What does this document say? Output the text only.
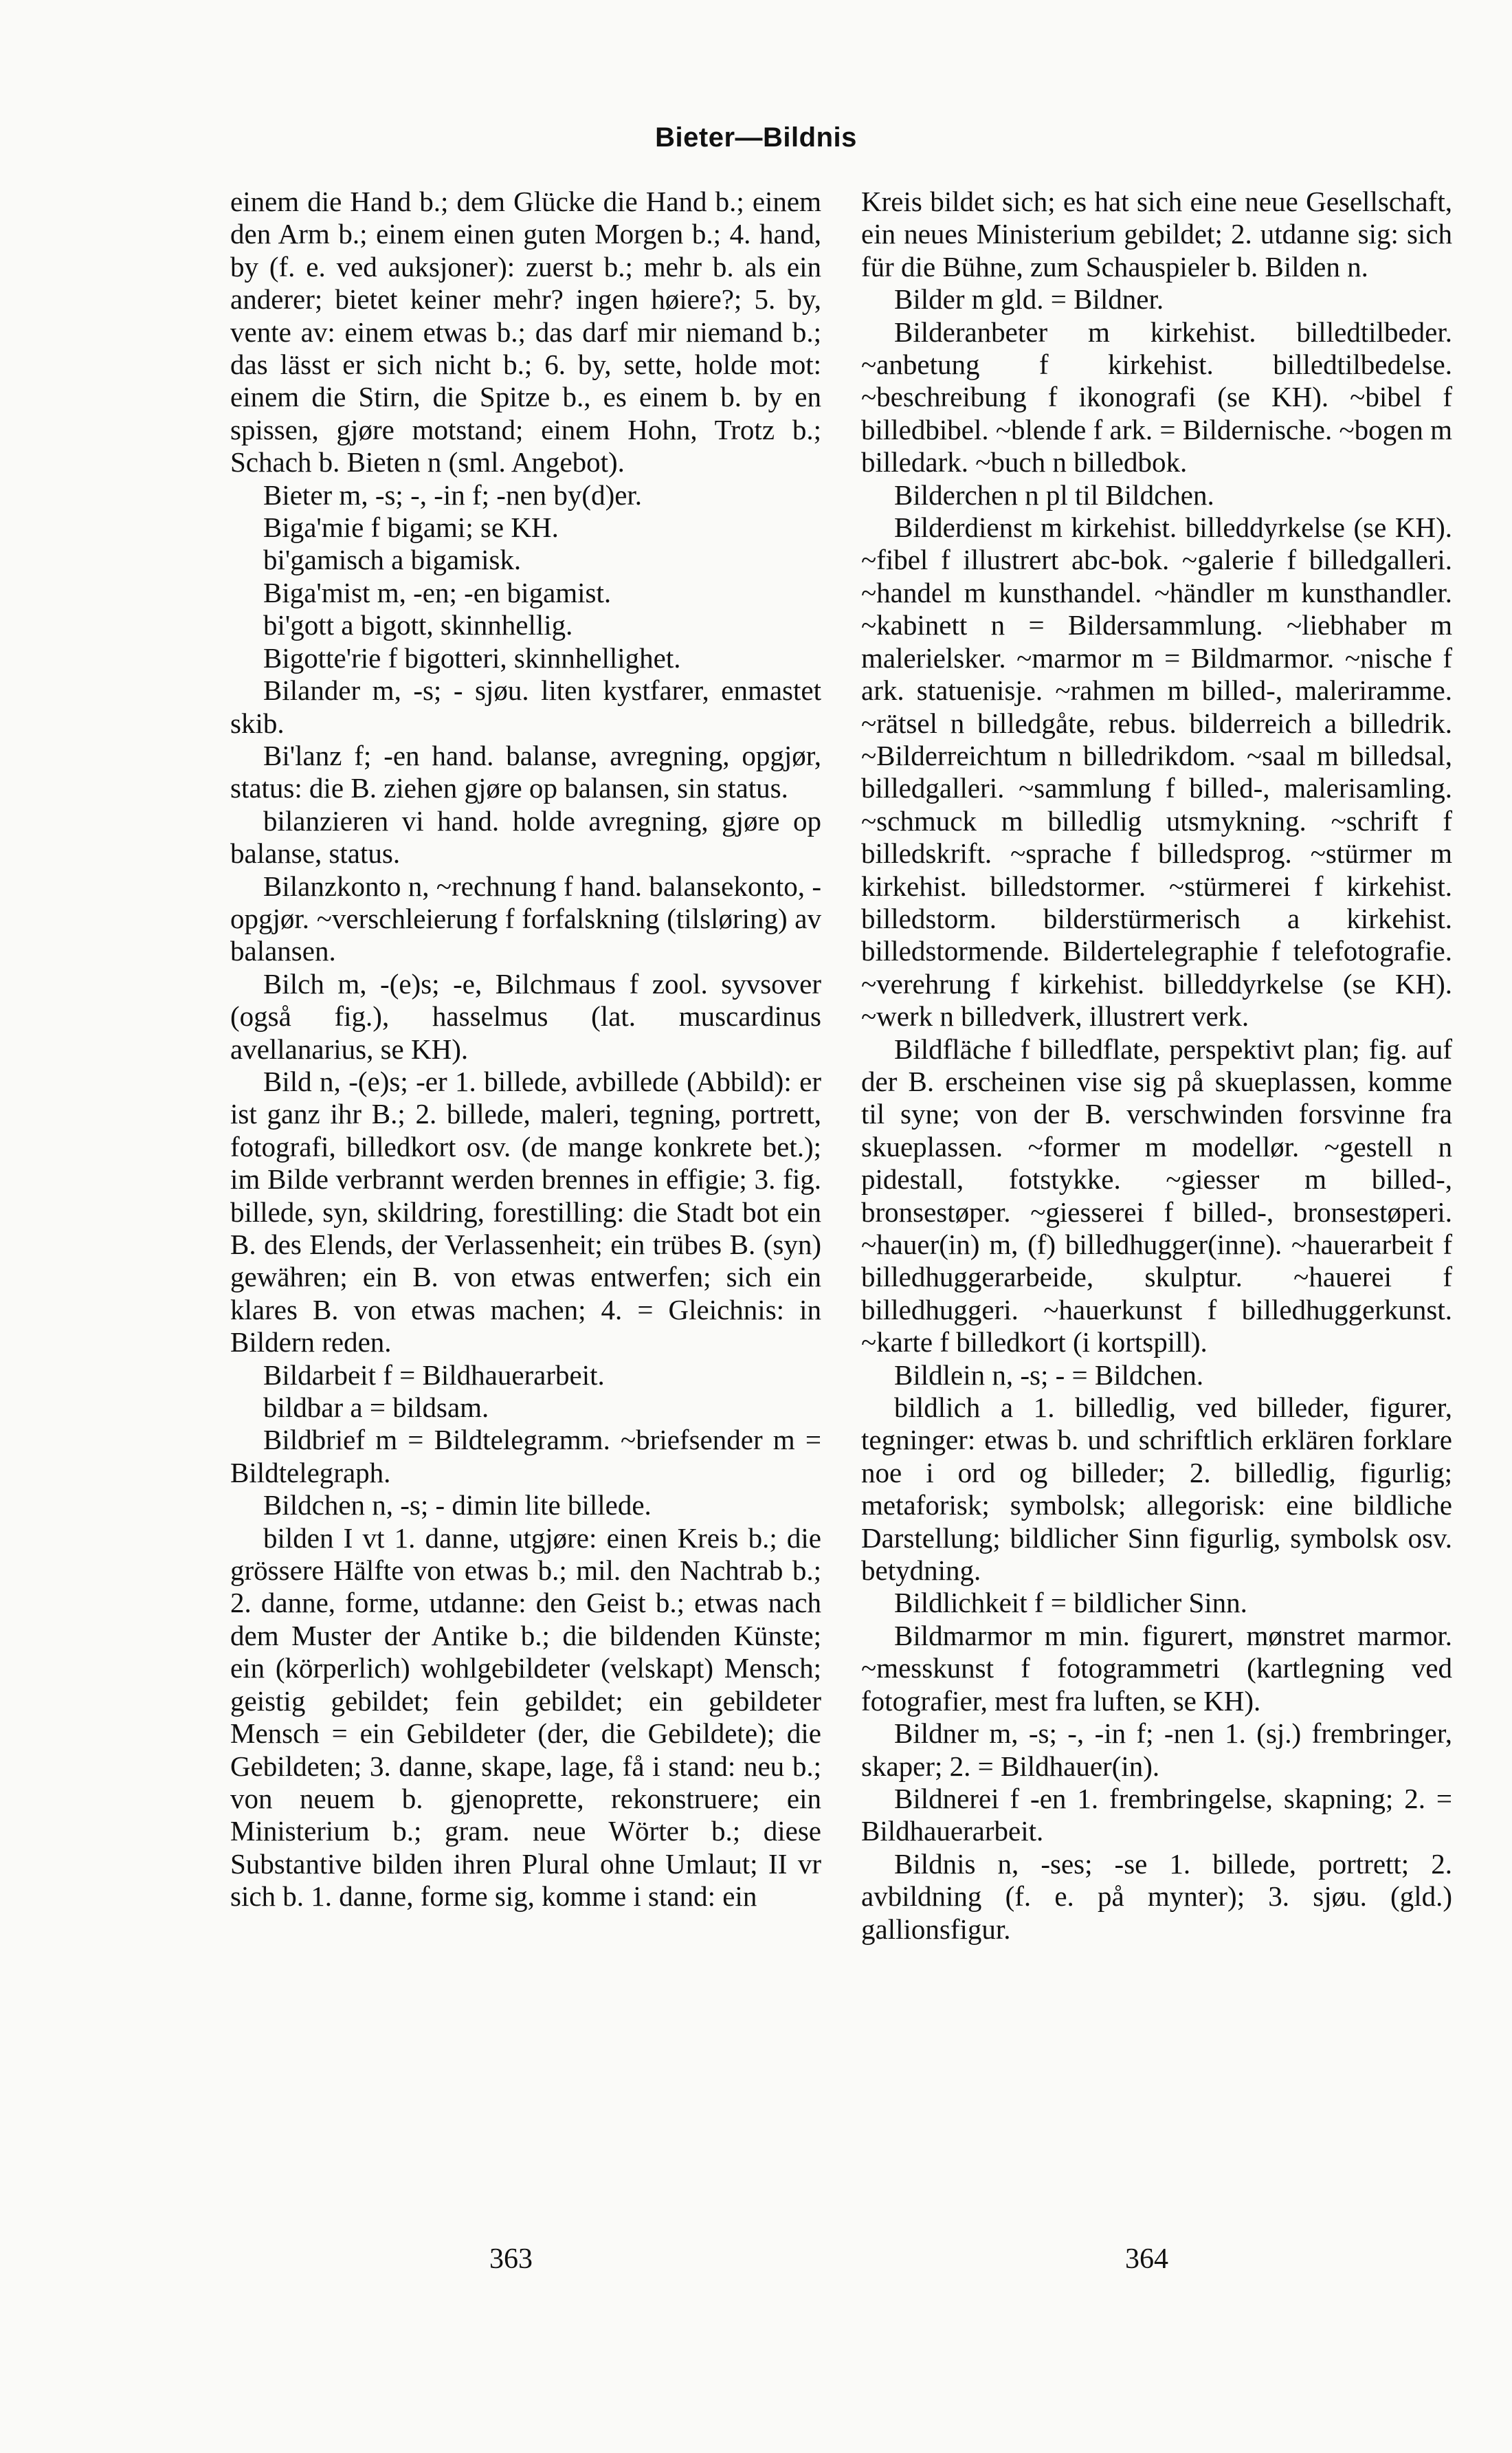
Bieter—Bildnis

einem die Hand b.; dem Glücke die Hand b.; einem den Arm b.; einem einen guten Morgen b.; 4. hand, by (f. e. ved auksjoner): zuerst b.; mehr b. als ein anderer; bietet keiner mehr? ingen høiere?; 5. by, vente av: einem etwas b.; das darf mir niemand b.; das lässt er sich nicht b.; 6. by, sette, holde mot: einem die Stirn, die Spitze b., es einem b. by en spissen, gjøre motstand; einem Hohn, Trotz b.; Schach b. Bieten n (sml. Angebot).

Bieter m, -s; -, -in f; -nen by(d)er.

Biga'mie f bigami; se KH.

bi'gamisch a bigamisk.

Biga'mist m, -en; -en bigamist.

bi'gott a bigott, skinnhellig.

Bigotte'rie f bigotteri, skinnhellighet.

Bilander m, -s; - sjøu. liten kystfarer, enmastet skib.

Bi'lanz f; -en hand. balanse, avregning, opgjør, status: die B. ziehen gjøre op balansen, sin status.

bilanzieren vi hand. holde avregning, gjøre op balanse, status.

Bilanzkonto n, ~rechnung f hand. balansekonto, -opgjør. ~verschleierung f forfalskning (tilsløring) av balansen.

Bilch m, -(e)s; -e, Bilchmaus f zool. syvsover (også fig.), hasselmus (lat. muscardinus avellanarius, se KH).

Bild n, -(e)s; -er 1. billede, avbillede (Abbild): er ist ganz ihr B.; 2. billede, maleri, tegning, portrett, fotografi, billedkort osv. (de mange konkrete bet.); im Bilde verbrannt werden brennes in effigie; 3. fig. billede, syn, skildring, forestilling: die Stadt bot ein B. des Elends, der Verlassenheit; ein trübes B. (syn) gewähren; ein B. von etwas entwerfen; sich ein klares B. von etwas machen; 4. = Gleichnis: in Bildern reden.

Bildarbeit f = Bildhauerarbeit.

bildbar a = bildsam.

Bildbrief m = Bildtelegramm. ~briefsender m = Bildtelegraph.

Bildchen n, -s; - dimin lite billede.

bilden I vt 1. danne, utgjøre: einen Kreis b.; die grössere Hälfte von etwas b.; mil. den Nachtrab b.; 2. danne, forme, utdanne: den Geist b.; etwas nach dem Muster der Antike b.; die bildenden Künste; ein (körperlich) wohlgebildeter (velskapt) Mensch; geistig gebildet; fein gebildet; ein gebildeter Mensch = ein Gebildeter (der, die Gebildete); die Gebildeten; 3. danne, skape, lage, få i stand: neu b.; von neuem b. gjenoprette, rekonstruere; ein Ministerium b.; gram. neue Wörter b.; diese Substantive bilden ihren Plural ohne Umlaut; II vr sich b. 1. danne, forme sig, komme i stand: ein

Kreis bildet sich; es hat sich eine neue Gesellschaft, ein neues Ministerium gebildet; 2. utdanne sig: sich für die Bühne, zum Schauspieler b. Bilden n.

Bilder m gld. = Bildner.

Bilderanbeter m kirkehist. billedtilbeder. ~anbetung f kirkehist. billedtilbedelse. ~beschreibung f ikonografi (se KH). ~bibel f billedbibel. ~blende f ark. = Bildernische. ~bogen m billedark. ~buch n billedbok.

Bilderchen n pl til Bildchen.

Bilderdienst m kirkehist. billeddyrkelse (se KH). ~fibel f illustrert abc-bok. ~galerie f billedgalleri. ~handel m kunsthandel. ~händler m kunsthandler. ~kabinett n = Bildersammlung. ~liebhaber m malerielsker. ~marmor m = Bildmarmor. ~nische f ark. statuenisje. ~rahmen m billed-, maleriramme. ~rätsel n billedgåte, rebus. bilderreich a billedrik. ~Bilderreichtum n billedrikdom. ~saal m billedsal, billedgalleri. ~sammlung f billed-, malerisamling. ~schmuck m billedlig utsmykning. ~schrift f billedskrift. ~sprache f billedsprog. ~stürmer m kirkehist. billedstormer. ~stürmerei f kirkehist. billedstorm. bilderstürmerisch a kirkehist. billedstormende. Bildertelegraphie f telefotografie. ~verehrung f kirkehist. billeddyrkelse (se KH). ~werk n billedverk, illustrert verk.

Bildfläche f billedflate, perspektivt plan; fig. auf der B. erscheinen vise sig på skueplassen, komme til syne; von der B. verschwinden forsvinne fra skueplassen. ~former m modellør. ~gestell n pidestall, fotstykke. ~giesser m billed-, bronsestøper. ~giesserei f billed-, bronsestøperi. ~hauer(in) m, (f) billedhugger(inne). ~hauerarbeit f billedhuggerarbeide, skulptur. ~hauerei f billedhuggeri. ~hauerkunst f billedhuggerkunst. ~karte f billedkort (i kortspill).

Bildlein n, -s; - = Bildchen.

bildlich a 1. billedlig, ved billeder, figurer, tegninger: etwas b. und schriftlich erklären forklare noe i ord og billeder; 2. billedlig, figurlig; metaforisk; symbolsk; allegorisk: eine bildliche Darstellung; bildlicher Sinn figurlig, symbolsk osv. betydning.

Bildlichkeit f = bildlicher Sinn.

Bildmarmor m min. figurert, mønstret marmor. ~messkunst f fotogrammetri (kartlegning ved fotografier, mest fra luften, se KH).

Bildner m, -s; -, -in f; -nen 1. (sj.) frembringer, skaper; 2. = Bildhauer(in).

Bildnerei f -en 1. frembringelse, skapning; 2. = Bildhauerarbeit.

Bildnis n, -ses; -se 1. billede, portrett; 2. avbildning (f. e. på mynter); 3. sjøu. (gld.) gallionsfigur.

363	364
